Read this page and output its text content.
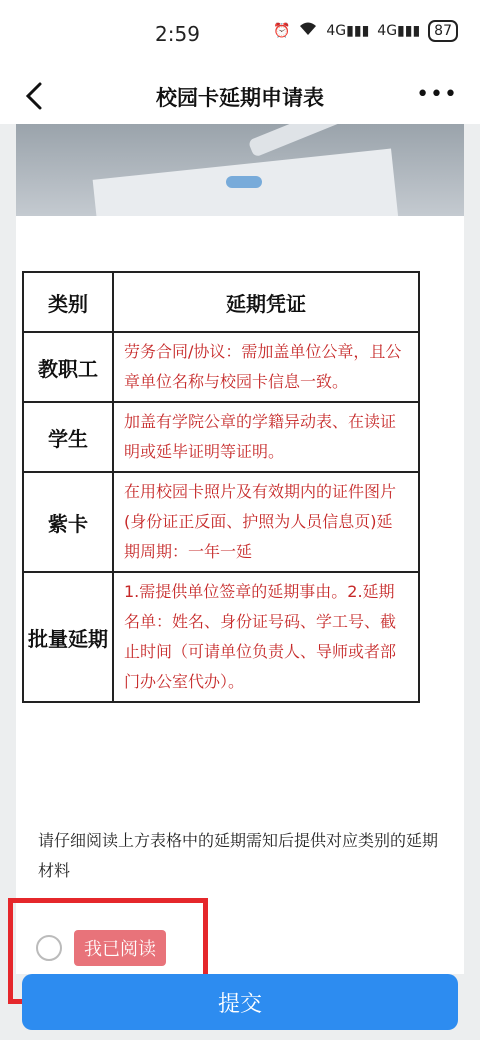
2:59	⏰	4G▮▮▮ 4G▮▮▮	87
校园卡延期申请表	•••
类别	延期凭证
教职工	劳务合同/协议：需加盖单位公章，且公章单位名称与校园卡信息一致。
学生	加盖有学院公章的学籍异动表、在读证明或延毕证明等证明。
紫卡	在用校园卡照片及有效期内的证件图片(身份证正反面、护照为人员信息页)延期周期：一年一延
批量延期	1.需提供单位签章的延期事由。2.延期名单：姓名、身份证号码、学工号、截止时间（可请单位负责人、导师或者部门办公室代办）。
请仔细阅读上方表格中的延期需知后提供对应类别的延期材料
我已阅读
提交
